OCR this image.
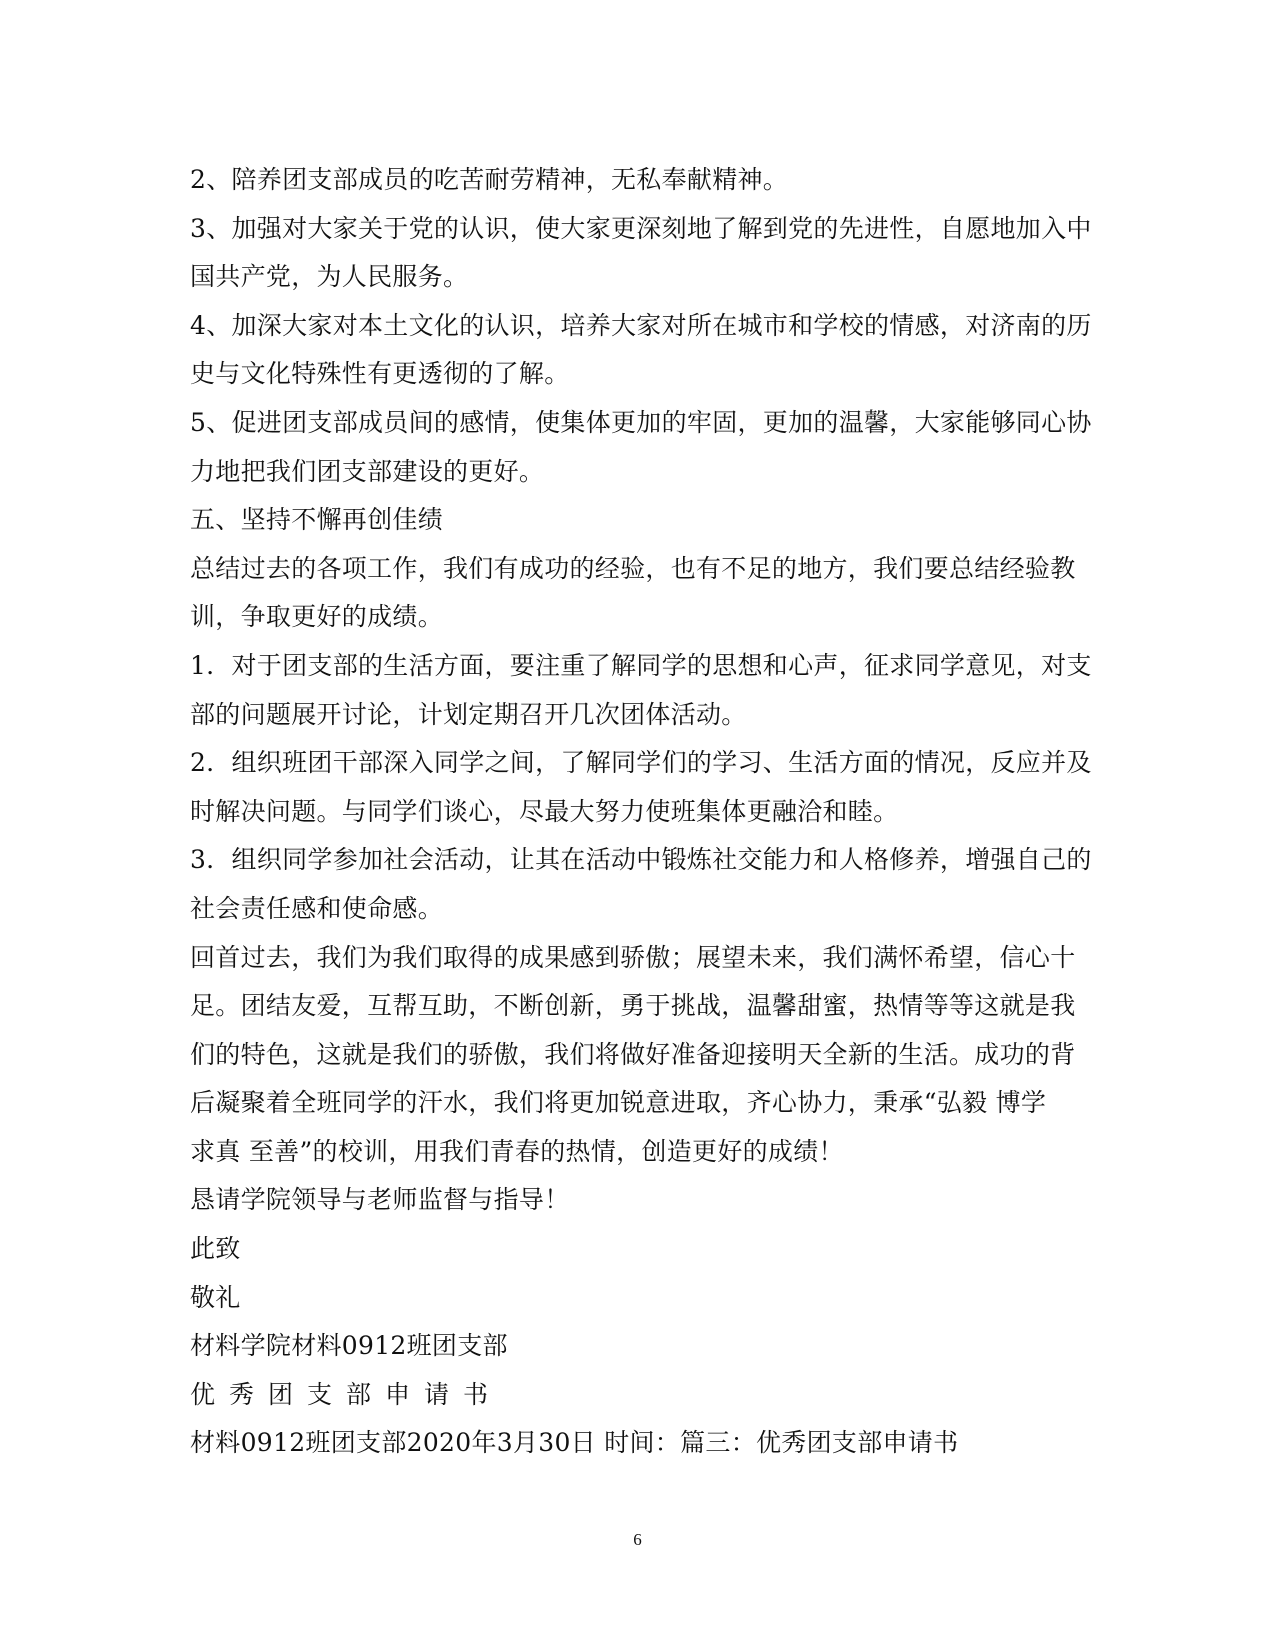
2、陪养团支部成员的吃苦耐劳精神，无私奉献精神。
3、加强对大家关于党的认识，使大家更深刻地了解到党的先进性，自愿地加入中
国共产党，为人民服务。
4、加深大家对本土文化的认识，培养大家对所在城市和学校的情感，对济南的历
史与文化特殊性有更透彻的了解。
5、促进团支部成员间的感情，使集体更加的牢固，更加的温馨，大家能够同心协
力地把我们团支部建设的更好。
五、坚持不懈再创佳绩
总结过去的各项工作，我们有成功的经验，也有不足的地方，我们要总结经验教
训，争取更好的成绩。
1．对于团支部的生活方面，要注重了解同学的思想和心声，征求同学意见，对支
部的问题展开讨论，计划定期召开几次团体活动。
2．组织班团干部深入同学之间，了解同学们的学习、生活方面的情况，反应并及
时解决问题。与同学们谈心，尽最大努力使班集体更融洽和睦。
3．组织同学参加社会活动，让其在活动中锻炼社交能力和人格修养，增强自己的
社会责任感和使命感。
回首过去，我们为我们取得的成果感到骄傲；展望未来，我们满怀希望，信心十
足。团结友爱，互帮互助，不断创新，勇于挑战，温馨甜蜜，热情等等这就是我
们的特色，这就是我们的骄傲，我们将做好准备迎接明天全新的生活。成功的背
后凝聚着全班同学的汗水，我们将更加锐意进取，齐心协力，秉承“弘毅 博学
求真 至善”的校训，用我们青春的热情，创造更好的成绩！
恳请学院领导与老师监督与指导！
此致
敬礼
材料学院材料0912班团支部
优秀团支部申请书
材料0912班团支部2020年3月30日 时间：篇三：优秀团支部申请书
6
